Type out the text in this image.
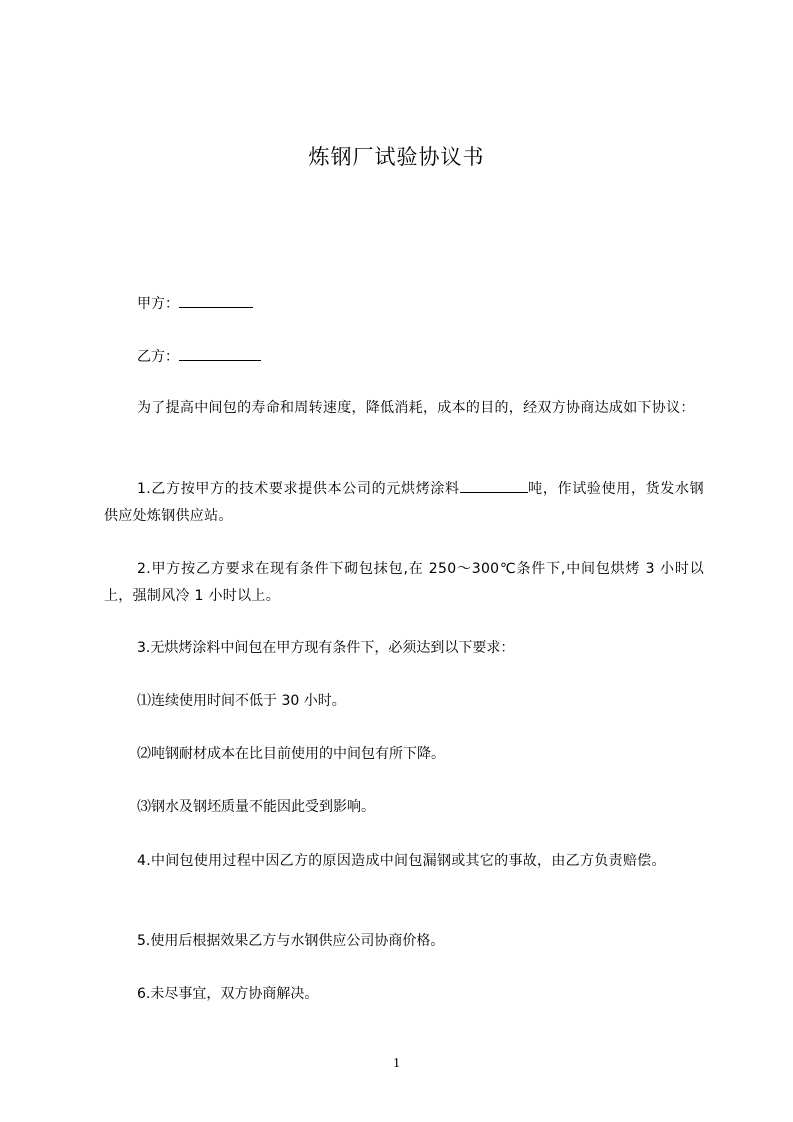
炼钢厂试验协议书
甲方：
乙方：
为了提高中间包的寿命和周转速度，降低消耗，成本的目的，经双方协商达成如下协议：
1.乙方按甲方的技术要求提供本公司的元烘烤涂料	吨，作试验使用，货发水钢供应处炼钢供应站。
2.甲方按乙方要求在现有条件下砌包抹包,在 250～300℃条件下,中间包烘烤 3 小时以上，强制风冷 1 小时以上。
3.无烘烤涂料中间包在甲方现有条件下，必须达到以下要求：
⑴连续使用时间不低于 30 小时。
⑵吨钢耐材成本在比目前使用的中间包有所下降。
⑶钢水及钢坯质量不能因此受到影响。
4.中间包使用过程中因乙方的原因造成中间包漏钢或其它的事故，由乙方负责赔偿。
5.使用后根据效果乙方与水钢供应公司协商价格。
6.未尽事宜，双方协商解决。
1
